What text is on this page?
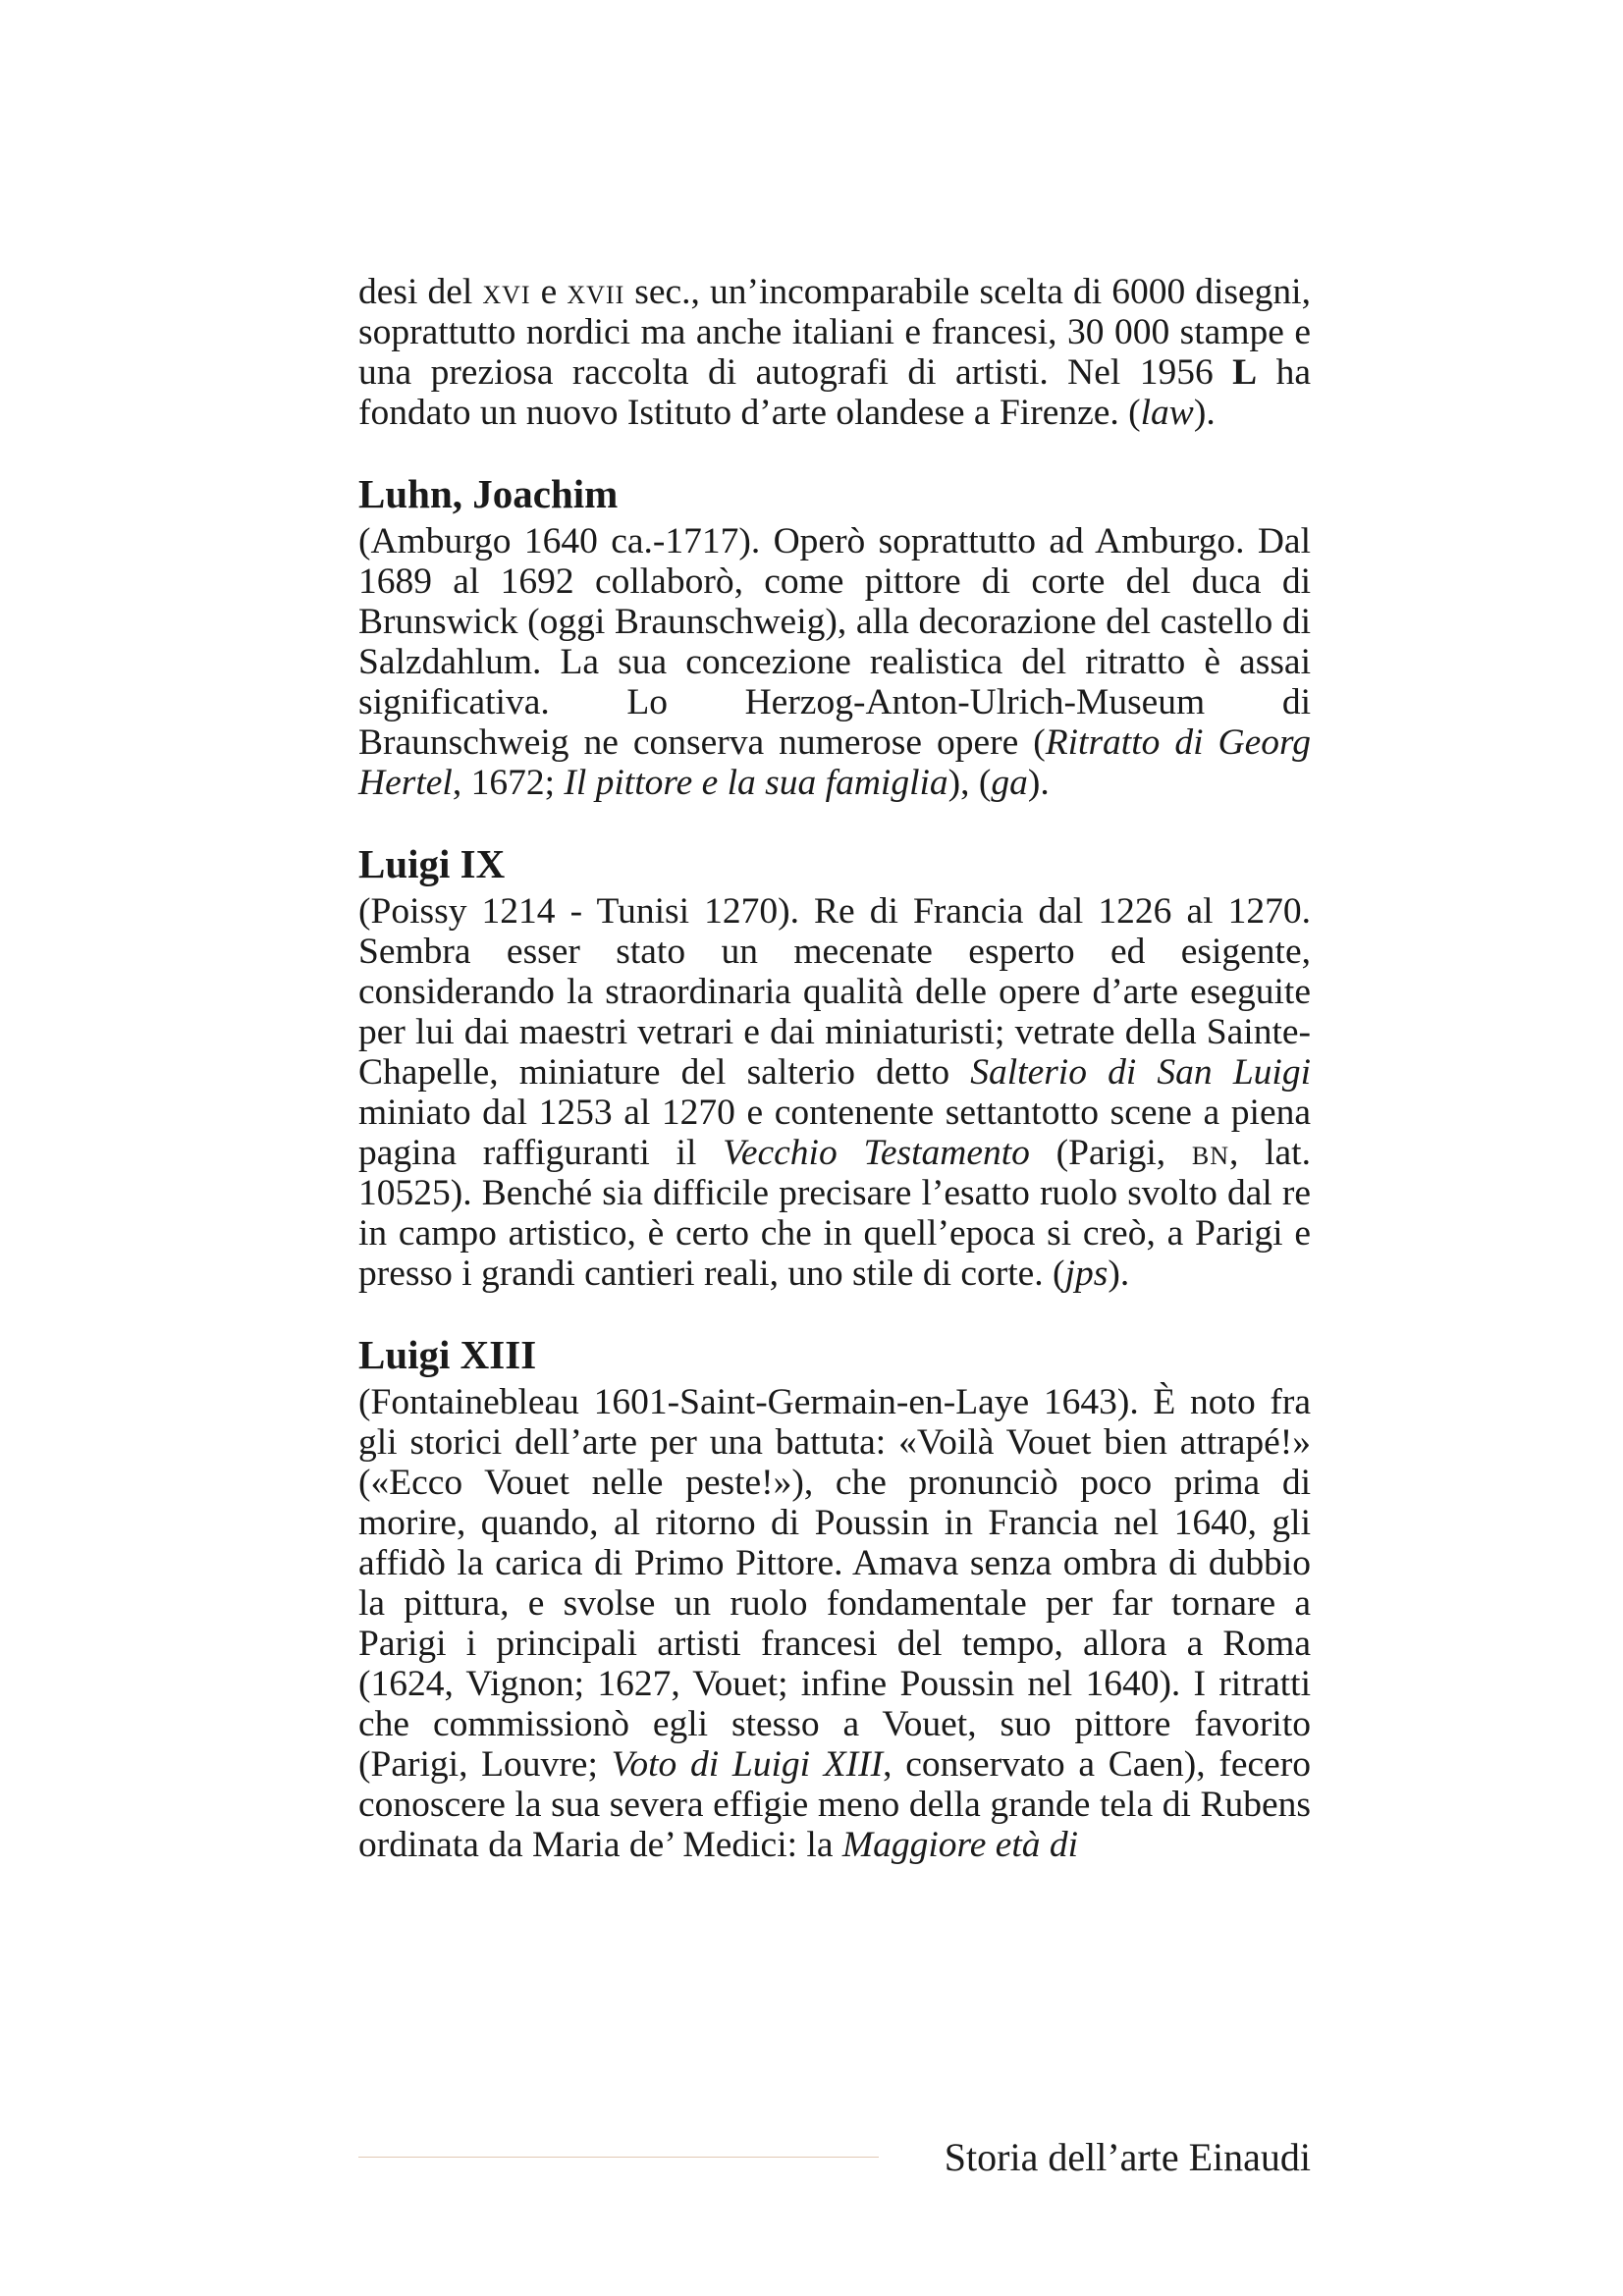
desi del xvi e xvii sec., un’incomparabile scelta di 6000 disegni, soprattutto nordici ma anche italiani e francesi, 30 000 stampe e una preziosa raccolta di autografi di artisti. Nel 1956 L ha fondato un nuovo Istituto d’arte olandese a Firenze. (law).

Luhn, Joachim

(Amburgo 1640 ca.-1717). Operò soprattutto ad Amburgo. Dal 1689 al 1692 collaborò, come pittore di corte del duca di Brunswick (oggi Braunschweig), alla decorazione del castello di Salzdahlum. La sua concezione realistica del ritratto è assai significativa. Lo Herzog-Anton-Ulrich-Museum di Braunschweig ne conserva numerose opere (Ritratto di Georg Hertel, 1672; Il pittore e la sua famiglia), (ga).

Luigi IX

(Poissy 1214 - Tunisi 1270). Re di Francia dal 1226 al 1270. Sembra esser stato un mecenate esperto ed esigente, considerando la straordinaria qualità delle opere d’arte eseguite per lui dai maestri vetrari e dai miniaturisti; vetrate della Sainte-Chapelle, miniature del salterio detto Salterio di San Luigi miniato dal 1253 al 1270 e contenente settantotto scene a piena pagina raffiguranti il Vecchio Testamento (Parigi, bn, lat. 10525). Benché sia difficile precisare l’esatto ruolo svolto dal re in campo artistico, è certo che in quell’epoca si creò, a Parigi e presso i grandi cantieri reali, uno stile di corte. (jps).

Luigi XIII

(Fontainebleau 1601-Saint-Germain-en-Laye 1643). È noto fra gli storici dell’arte per una battuta: «Voilà Vouet bien attrapé!» («Ecco Vouet nelle peste!»), che pronunciò poco prima di morire, quando, al ritorno di Poussin in Francia nel 1640, gli affidò la carica di Primo Pittore. Amava senza ombra di dubbio la pittura, e svolse un ruolo fondamentale per far tornare a Parigi i principali artisti francesi del tempo, allora a Roma (1624, Vignon; 1627, Vouet; infine Poussin nel 1640). I ritratti che commissionò egli stesso a Vouet, suo pittore favorito (Parigi, Louvre; Voto di Luigi XIII, conservato a Caen), fecero conoscere la sua severa effigie meno della grande tela di Rubens ordinata da Maria de’ Medici: la Maggiore età di

Storia dell’arte Einaudi
